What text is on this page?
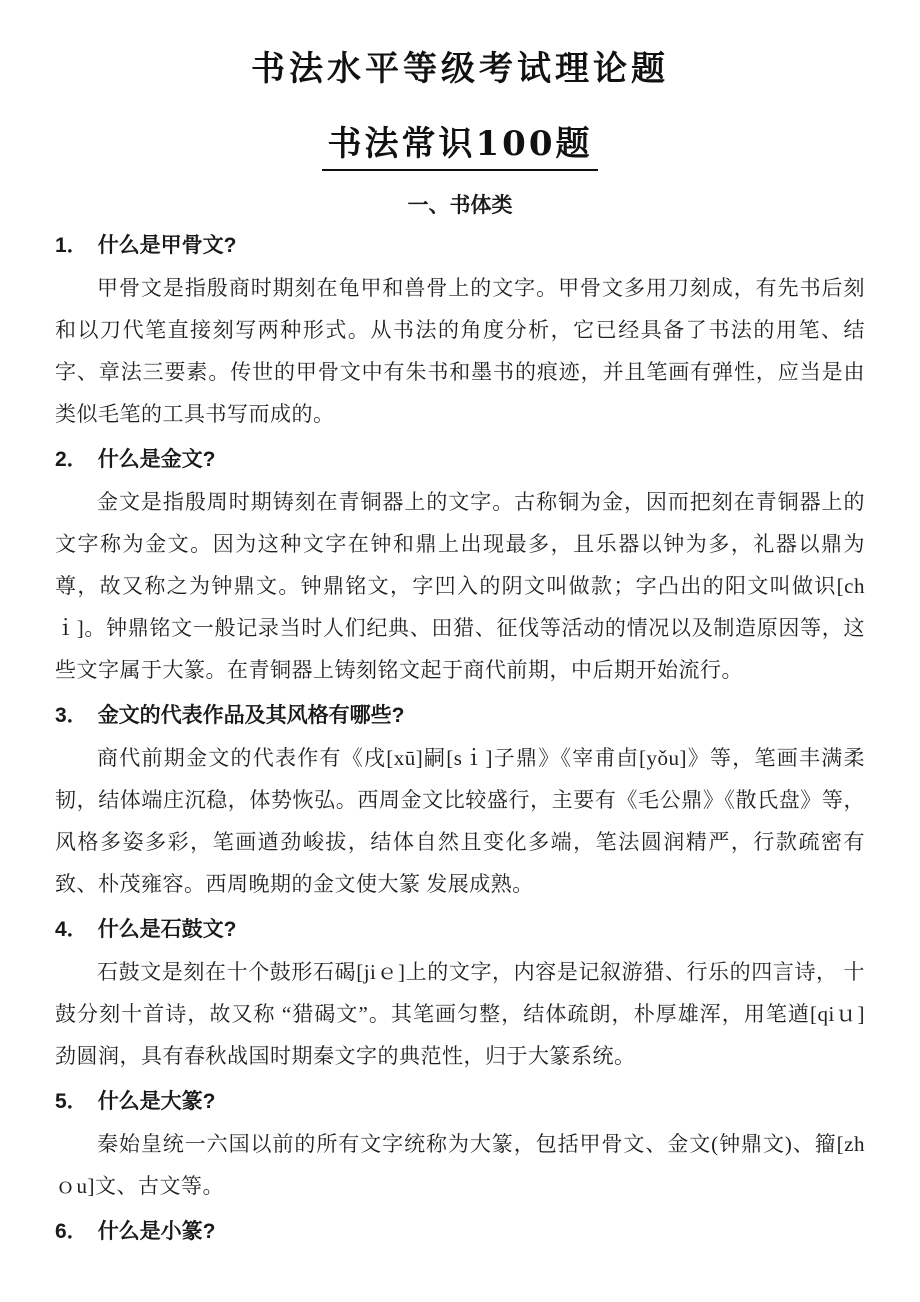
书法水平等级考试理论题
书法常识100题
一、书体类
1． 什么是甲骨文?

甲骨文是指殷商时期刻在龟甲和兽骨上的文字。甲骨文多用刀刻成，有先书后刻和以刀代笔直接刻写两种形式。从书法的角度分析，它已经具备了书法的用笔、结字、章法三要素。传世的甲骨文中有朱书和墨书的痕迹，并且笔画有弹性，应当是由类似毛笔的工具书写而成的。

2． 什么是金文?

金文是指殷周时期铸刻在青铜器上的文字。古称铜为金，因而把刻在青铜器上的文字称为金文。因为这种文字在钟和鼎上出现最多，且乐器以钟为多，礼器以鼎为尊，故又称之为钟鼎文。钟鼎铭文，字凹入的阴文叫做款；字凸出的阳文叫做识[chｉ]。钟鼎铭文一般记录当时人们纪典、田猎、征伐等活动的情况以及制造原因等，这些文字属于大篆。在青铜器上铸刻铭文起于商代前期，中后期开始流行。

3． 金文的代表作品及其风格有哪些?

商代前期金文的代表作有《戌[xū]嗣[sｉ]子鼎》《宰甫卣[yǒu]》等，笔画丰满柔韧，结体端庄沉稳，体势恢弘。西周金文比较盛行，主要有《毛公鼎》《散氏盘》等，风格多姿多彩，笔画遒劲峻拔，结体自然且变化多端，笔法圆润精严，行款疏密有致、朴茂雍容。西周晚期的金文使大篆 发展成熟。

4． 什么是石鼓文?

石鼓文是刻在十个鼓形石碣[jiｅ]上的文字，内容是记叙游猎、行乐的四言诗， 十鼓分刻十首诗，故又称 “猎碣文”。其笔画匀整，结体疏朗，朴厚雄浑，用笔遒[qiｕ]劲圆润，具有春秋战国时期秦文字的典范性，归于大篆系统。

5． 什么是大篆?

秦始皇统一六国以前的所有文字统称为大篆，包括甲骨文、金文(钟鼎文)、籀[zhｏu]文、古文等。

6． 什么是小篆?
